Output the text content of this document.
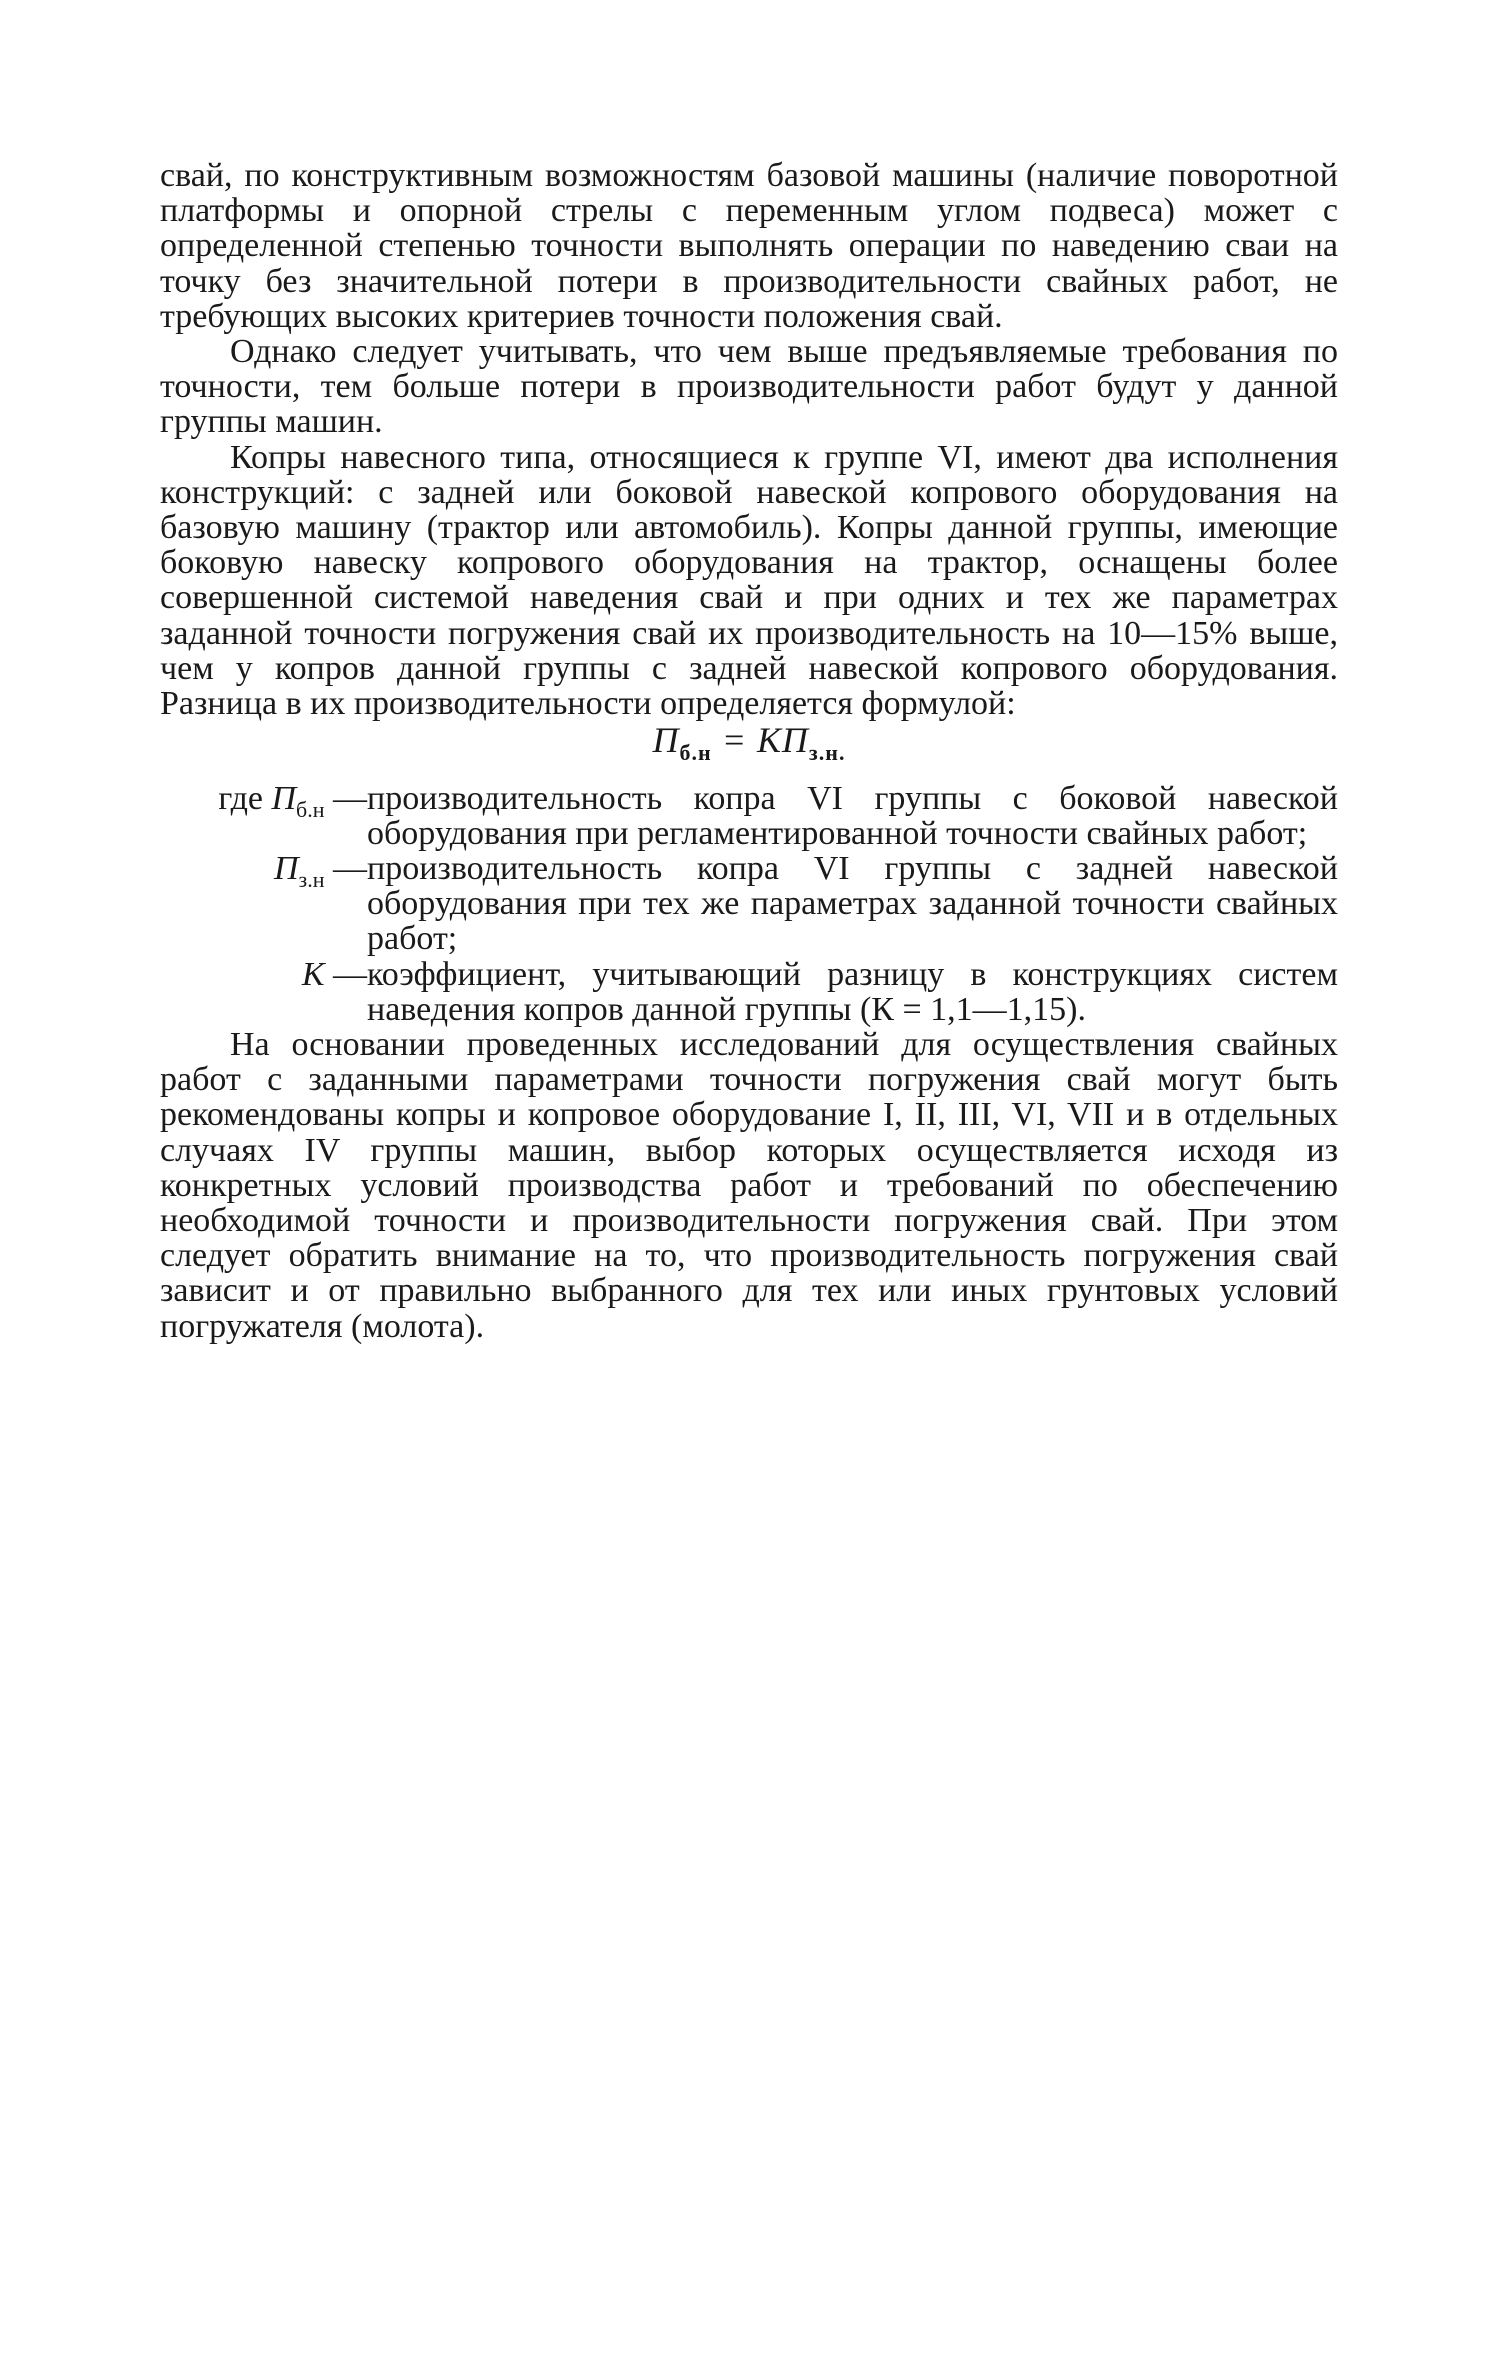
свай, по конструктивным возможностям базовой машины (наличие поворотной платформы и опорной стрелы с переменным углом подвеса) может с определенной степенью точности выполнять операции по наведению сваи на точку без значительной потери в производительности свайных работ, не требующих высоких критериев точности положения свай.

Однако следует учитывать, что чем выше предъявляемые требования по точности, тем больше потери в производительности работ будут у данной группы машин.

Копры навесного типа, относящиеся к группе VI, имеют два исполнения конструкций: с задней или боковой навеской копрового оборудования на базовую машину (трактор или автомобиль). Копры данной группы, имеющие боковую навеску копрового оборудования на трактор, оснащены более совершенной системой наведения свай и при одних и тех же параметрах заданной точности погружения свай их производительность на 10—15% выше, чем у копров данной группы с задней навеской копрового оборудования. Разница в их производительности определяется формулой:

$П_{б.н} = КП_{з.н.}$
где $П_{б.н}$ — производительность копра VI группы с боковой навеской оборудования при регламентированной точности свайных работ;
$П_{з.н}$ — производительность копра VI группы с задней навеской оборудования при тех же параметрах заданной точности свайных работ;
К — коэффициент, учитывающий разницу в конструкциях систем наведения копров данной группы (К = 1,1—1,15).

На основании проведенных исследований для осуществления свайных работ с заданными параметрами точности погружения свай могут быть рекомендованы копры и копровое оборудование I, II, III, VI, VII и в отдельных случаях IV группы машин, выбор которых осуществляется исходя из конкретных условий производства работ и требований по обеспечению необходимой точности и производительности погружения свай. При этом следует обратить внимание на то, что производительность погружения свай зависит и от правильно выбранного для тех или иных грунтовых условий погружателя (молота).
